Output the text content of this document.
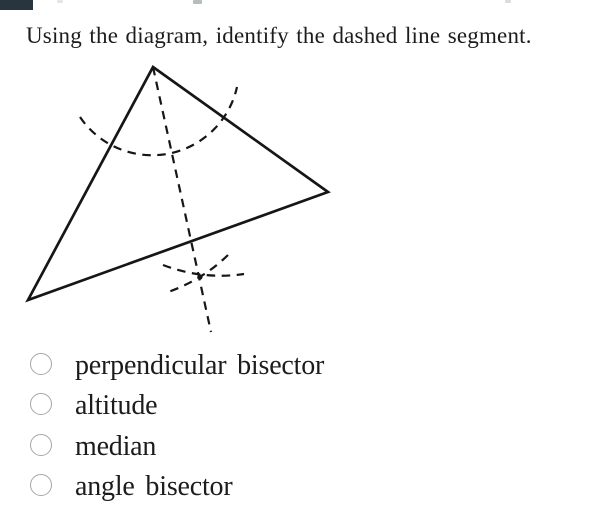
Using the diagram, identify the dashed line segment.
perpendicular bisector
altitude
median
angle bisector
